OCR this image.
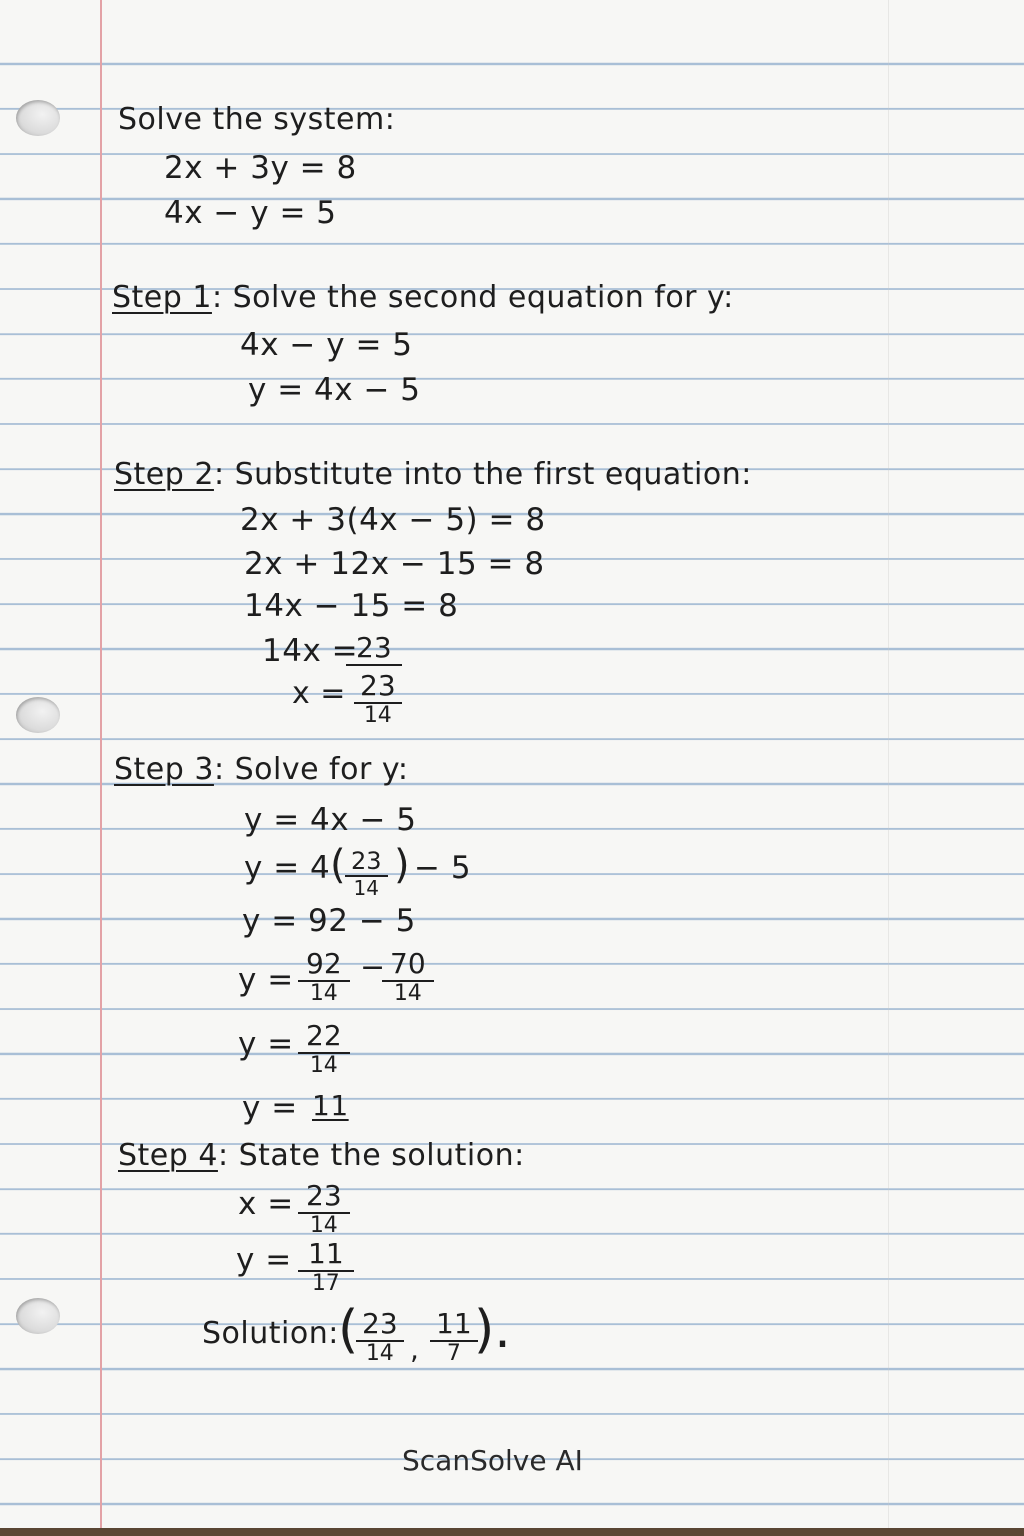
Solve the system:
2x + 3y = 8
4x − y = 5
Step 1: Solve the second equation for y:
4x − y = 5
y = 4x − 5
Step 2: Substitute into the first equation:
2x + 3(4x − 5) = 8
2x + 12x − 15 = 8
14x − 15 = 8
14x =
23
x = 23
14
Step 3: Solve for y:
y = 4x − 5
y = 4 ( 23
14 ) − 5
y = 92 − 5
y = 92
14
− 70
14
y = 22
14
y = 11
Step 4: State the solution:
x = 23
14
y = 11
17
Solution: ( 23
14 ,
11
7 ).
ScanSolve AI
